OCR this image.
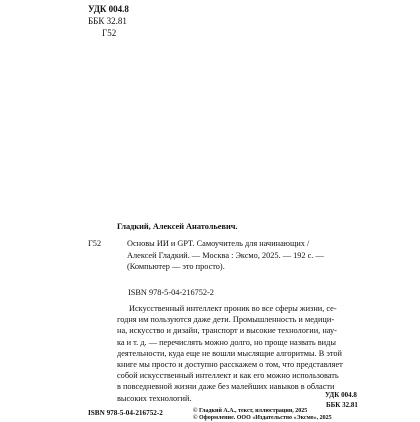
УДК 004.8
ББК 32.81
Г52
Гладкий, Алексей Анатольевич.
Г52	Основы ИИ и GPT. Самоучитель для начинающих /
Алексей Гладкий. — Москва : Эксмо, 2025. — 192 с. —
(Компьютер — это просто).
ISBN 978-5-04-216752-2
Искусственный интеллект проник во все сферы жизни, се-
годня им пользуются даже дети. Промышленность и медици-
на, искусство и дизайн, транспорт и высокие технологии, нау-
ка и т. д. — перечислять можно долго, но проще назвать виды
деятельности, куда еще не вошли мыслящие алгоритмы. В этой
книге мы просто и доступно расскажем о том, что представляет
собой искусственный интеллект и как его можно использовать
в повседневной жизни даже без малейших навыков в области
высоких технологий.	УДК 004.8
ББК 32.81
ISBN 978-5-04-216752-2	© Гладкий А.А., текст, иллюстрации, 2025
© Оформление. ООО «Издательство «Эксмо», 2025
